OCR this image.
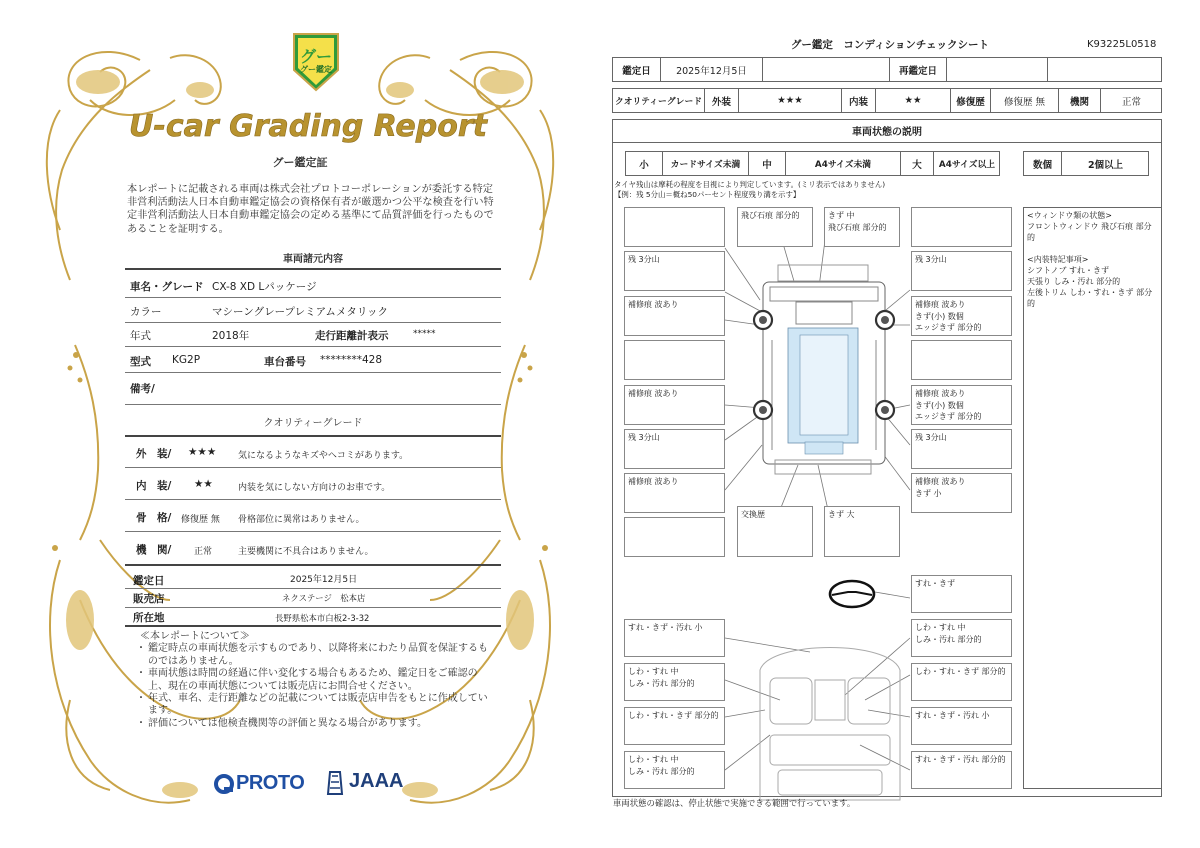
グー
グー鑑定
U-car Grading Report
グー鑑定証
本レポートに記載される車両は株式会社プロトコーポレーションが委託する特定非営利活動法人日本自動車鑑定協会の資格保有者が厳選かつ公平な検査を行い特定非営利活動法人日本自動車鑑定協会の定める基準にて品質評価を行ったものであることを証明する。
車両諸元内容
車名・グレード CX-8 XD Lパッケージ
カラー	マシーングレープレミアムメタリック
年式	2018年	走行距離計表示	*****
型式 KG2P	車台番号 ********428
備考/
クオリティーグレード
外　装/ ★★★ 気になるようなキズやヘコミがあります。
内　装/ ★★	内装を気にしない方向けのお車です。
骨　格/ 修復歴 無 骨格部位に異常はありません。
機　関/	正常	主要機関に不具合はありません。
鑑定日	2025年12月5日
販売店	ネクステージ　松本店
所在地	長野県松本市白板2-3-32
≪本レポートについて≫
・ 鑑定時点の車両状態を示すものであり、以降将来にわたり品質を保証するものではありません。
・ 車両状態は時間の経過に伴い変化する場合もあるため、鑑定日をご確認の上、現在の車両状態については販売店にお問合せください。
・ 年式、車名、走行距離などの記載については販売店申告をもとに作成しています。
・ 評価については他検査機関等の評価と異なる場合があります。
PROTO JAAA
グー鑑定　コンディションチェックシート	K93225L0518
鑑定日	2025年12月5日	再鑑定日
クオリティーグレード	外装	★★★	内装	★★	修復歴	修復歴 無	機関	正常
車両状態の説明
小	カードサイズ未満	中	A4サイズ未満	大	A4サイズ以上	数個	2個以上
タイヤ残山は摩耗の程度を目視により判定しています。(ミリ表示ではありません)
【例：残 5分山＝概ね50パーセント程度残り溝を示す】
飛び石痕 部分的	きず 中
飛び石痕 部分的
残 3分山	残 3分山
補修痕 波あり	補修痕 波あり
きず(小) 数個
エッジきず 部分的
補修痕 波あり	補修痕 波あり
きず(小) 数個
エッジきず 部分的
残 3分山	残 3分山
補修痕 波あり	補修痕 波あり
きず 小
交換歴	きず 大
すれ・きず
すれ・きず・汚れ 小	しわ・すれ 中
しみ・汚れ 部分的
しわ・すれ 中
しみ・汚れ 部分的
しわ・すれ・きず 部分的
しわ・すれ・きず 部分的	すれ・きず・汚れ 小
しわ・すれ 中
しみ・汚れ 部分的
すれ・きず・汚れ 部分的
<ウィンドウ類の状態>
フロントウィンドウ 飛び石痕 部分的
<内装特記事項>
シフトノブ すれ・きず
天張り しみ・汚れ 部分的
左後トリム しわ・すれ・きず 部分的
車両状態の確認は、停止状態で実施できる範囲で行っています。
